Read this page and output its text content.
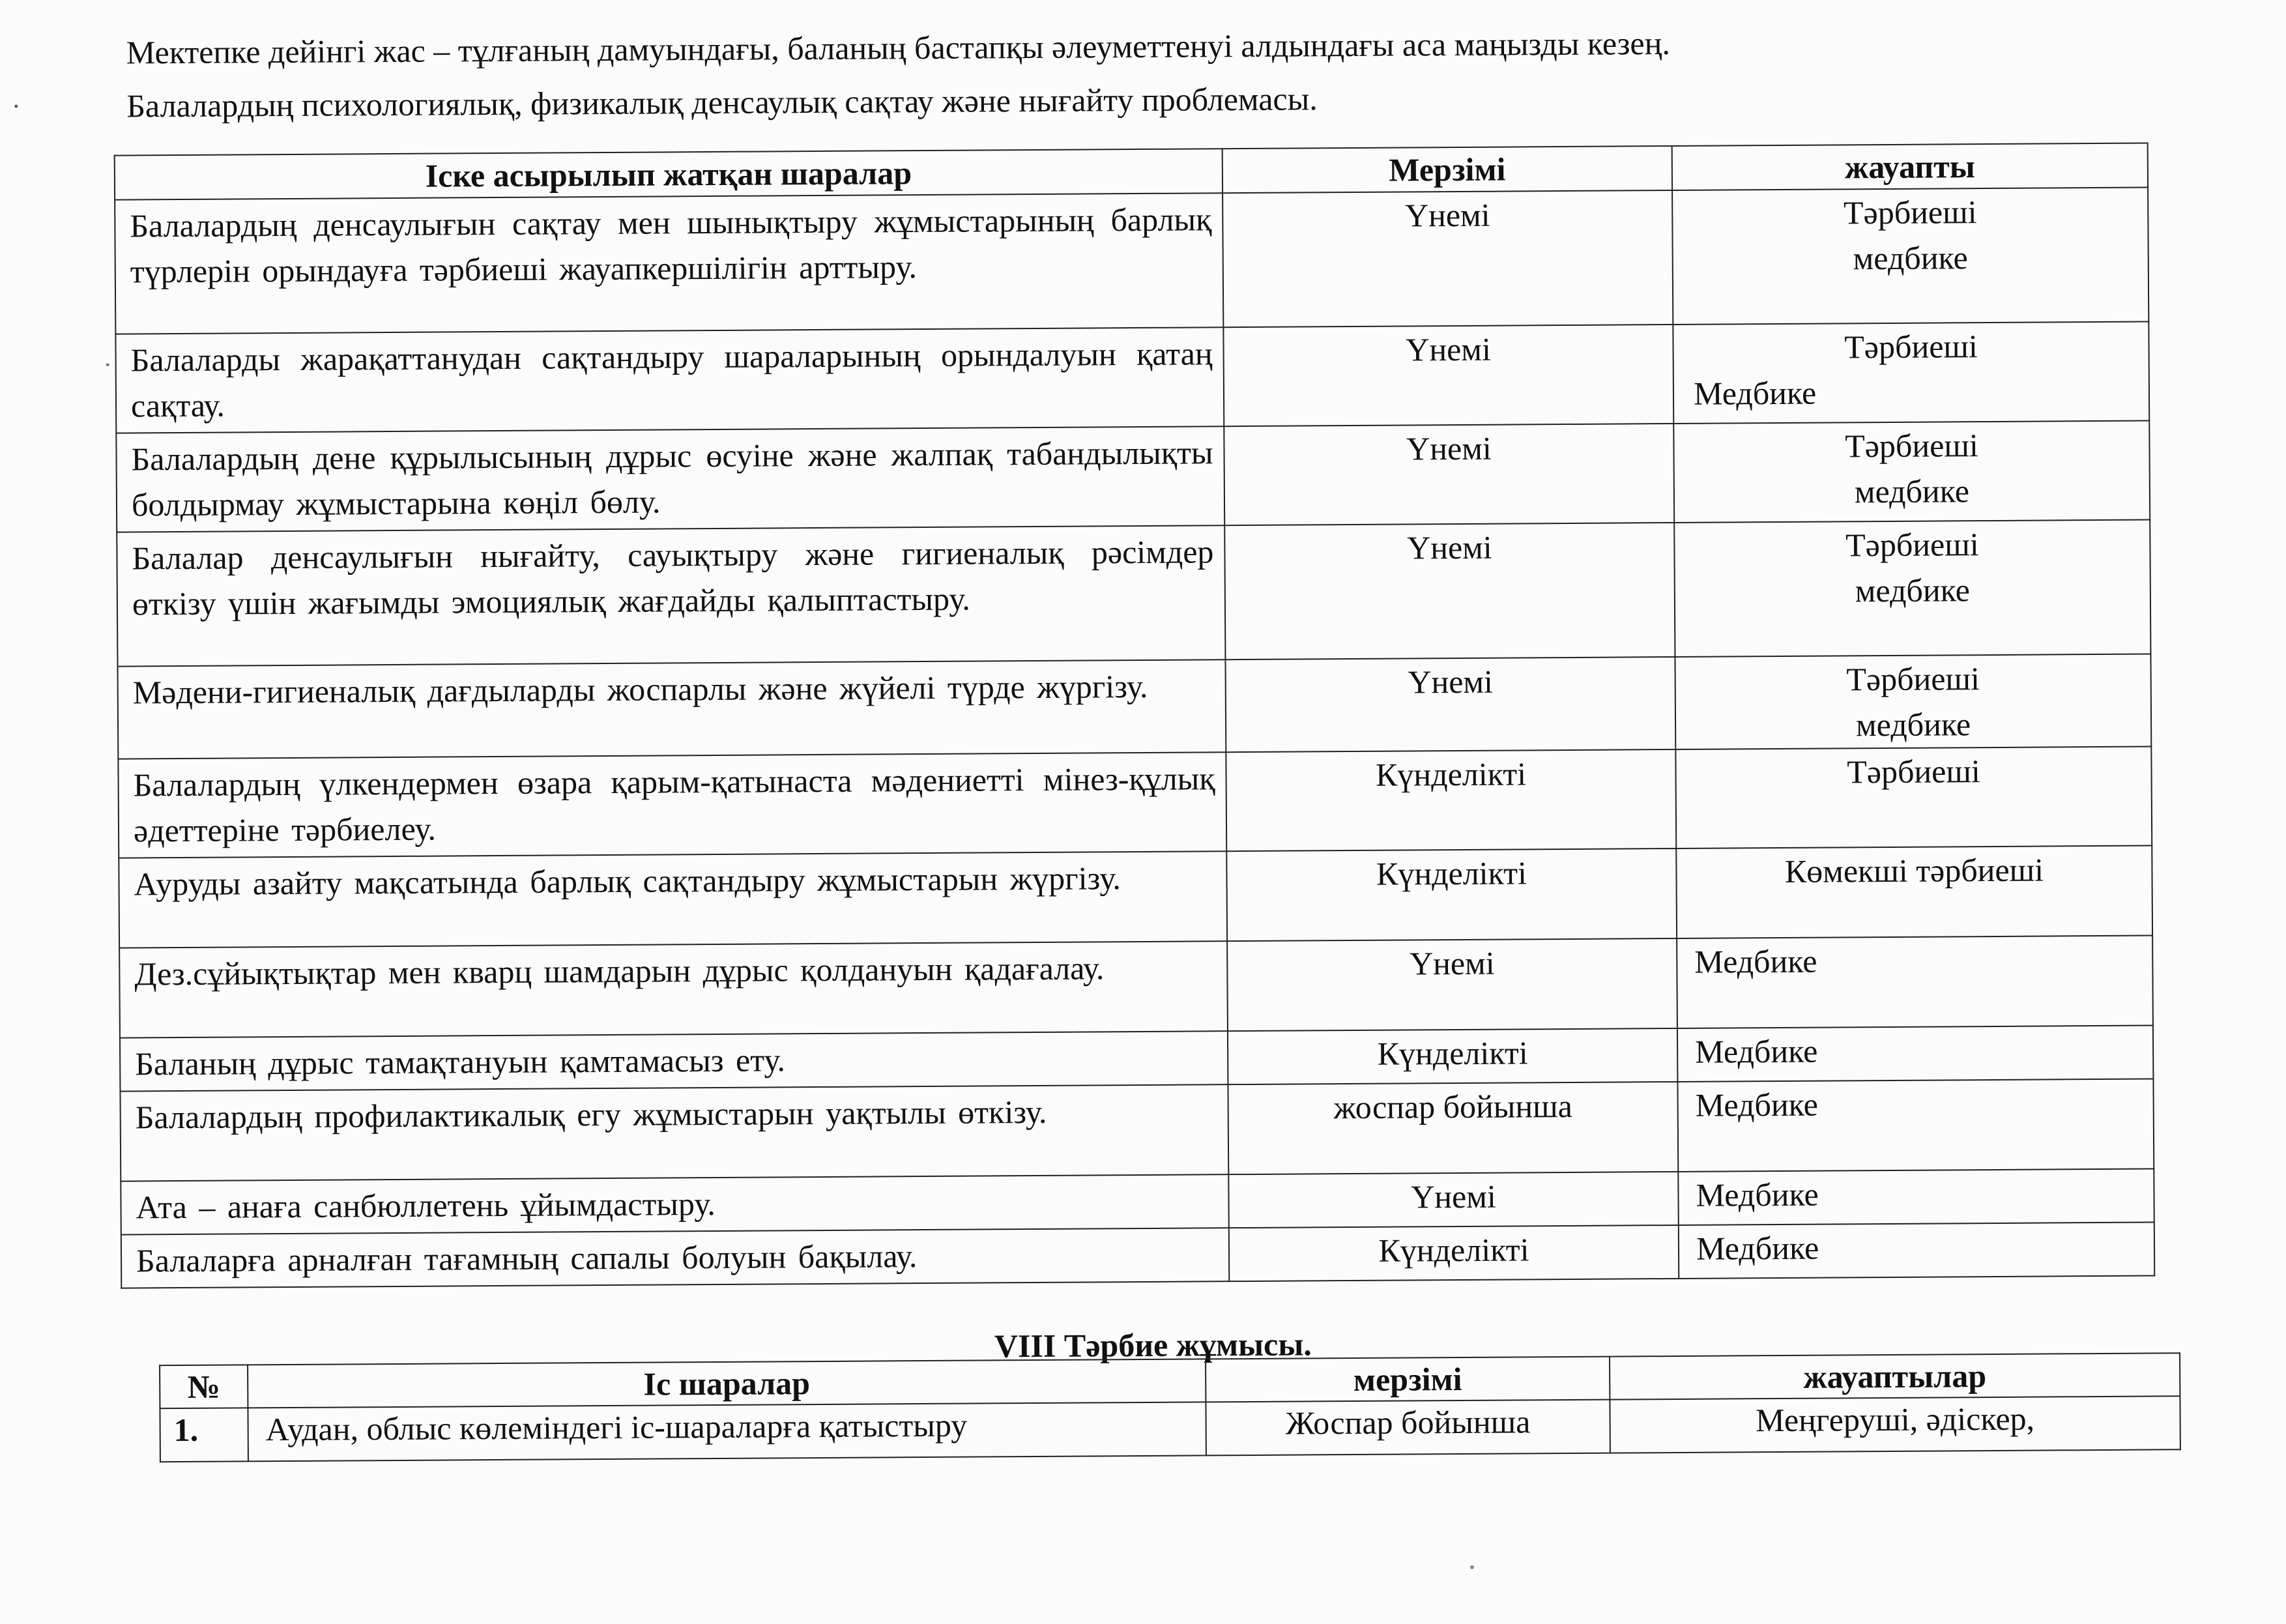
Мектепке дейінгі жас – тұлғаның дамуындағы, баланың бастапқы әлеуметтенуі алдындағы аса маңызды кезең.

Балалардың психологиялық, физикалық денсаулық сақтау және нығайту проблемасы.

Іске асырылып жатқан шаралар	Мерзімі	жауапты
Балалардың денсаулығын сақтау мен шынықтыру жұмыстарының барлық түрлерін орындауға тәрбиеші жауапкершілігін арттыру.	Үнемі	Тәрбиеші
медбике

Балаларды жарақаттанудан сақтандыру шараларының орындалуын қатаң сақтау.	Үнемі	Тәрбиеші
Медбике

Балалардың дене құрылысының дұрыс өсуіне және жалпақ табандылықты болдырмау жұмыстарына көңіл бөлу.	Үнемі	Тәрбиеші
медбике

Балалар денсаулығын нығайту, сауықтыру және гигиеналық рәсімдер өткізу үшін жағымды эмоциялық жағдайды қалыптастыру.	Үнемі	Тәрбиеші
медбике

Мәдени-гигиеналық дағдыларды жоспарлы және жүйелі түрде жүргізу.	Үнемі	Тәрбиеші
медбике

Балалардың үлкендермен өзара қарым-қатынаста мәдениетті мінез-құлық әдеттеріне тәрбиелеу.	Күнделікті	Тәрбиеші

Ауруды азайту мақсатында барлық сақтандыру жұмыстарын жүргізу.	Күнделікті	Көмекші тәрбиеші

Дез.сұйықтықтар мен кварц шамдарын дұрыс қолдануын қадағалау.	Үнемі	Медбике

Баланың дұрыс тамақтануын қамтамасыз ету.	Күнделікті	Медбике

Балалардың профилактикалық егу жұмыстарын уақтылы өткізу.	жоспар бойынша	Медбике

Ата – анаға санбюллетень ұйымдастыру.	Үнемі	Медбике

Балаларға арналған тағамның сапалы болуын бақылау.	Күнделікті	Медбике
VIII Тәрбие жұмысы.
№	Іс шаралар	мерзімі	жауаптылар
1.	Аудан, облыс көлеміндегі іс-шараларға қатыстыру	Жоспар бойынша	Меңгеруші, әдіскер,
